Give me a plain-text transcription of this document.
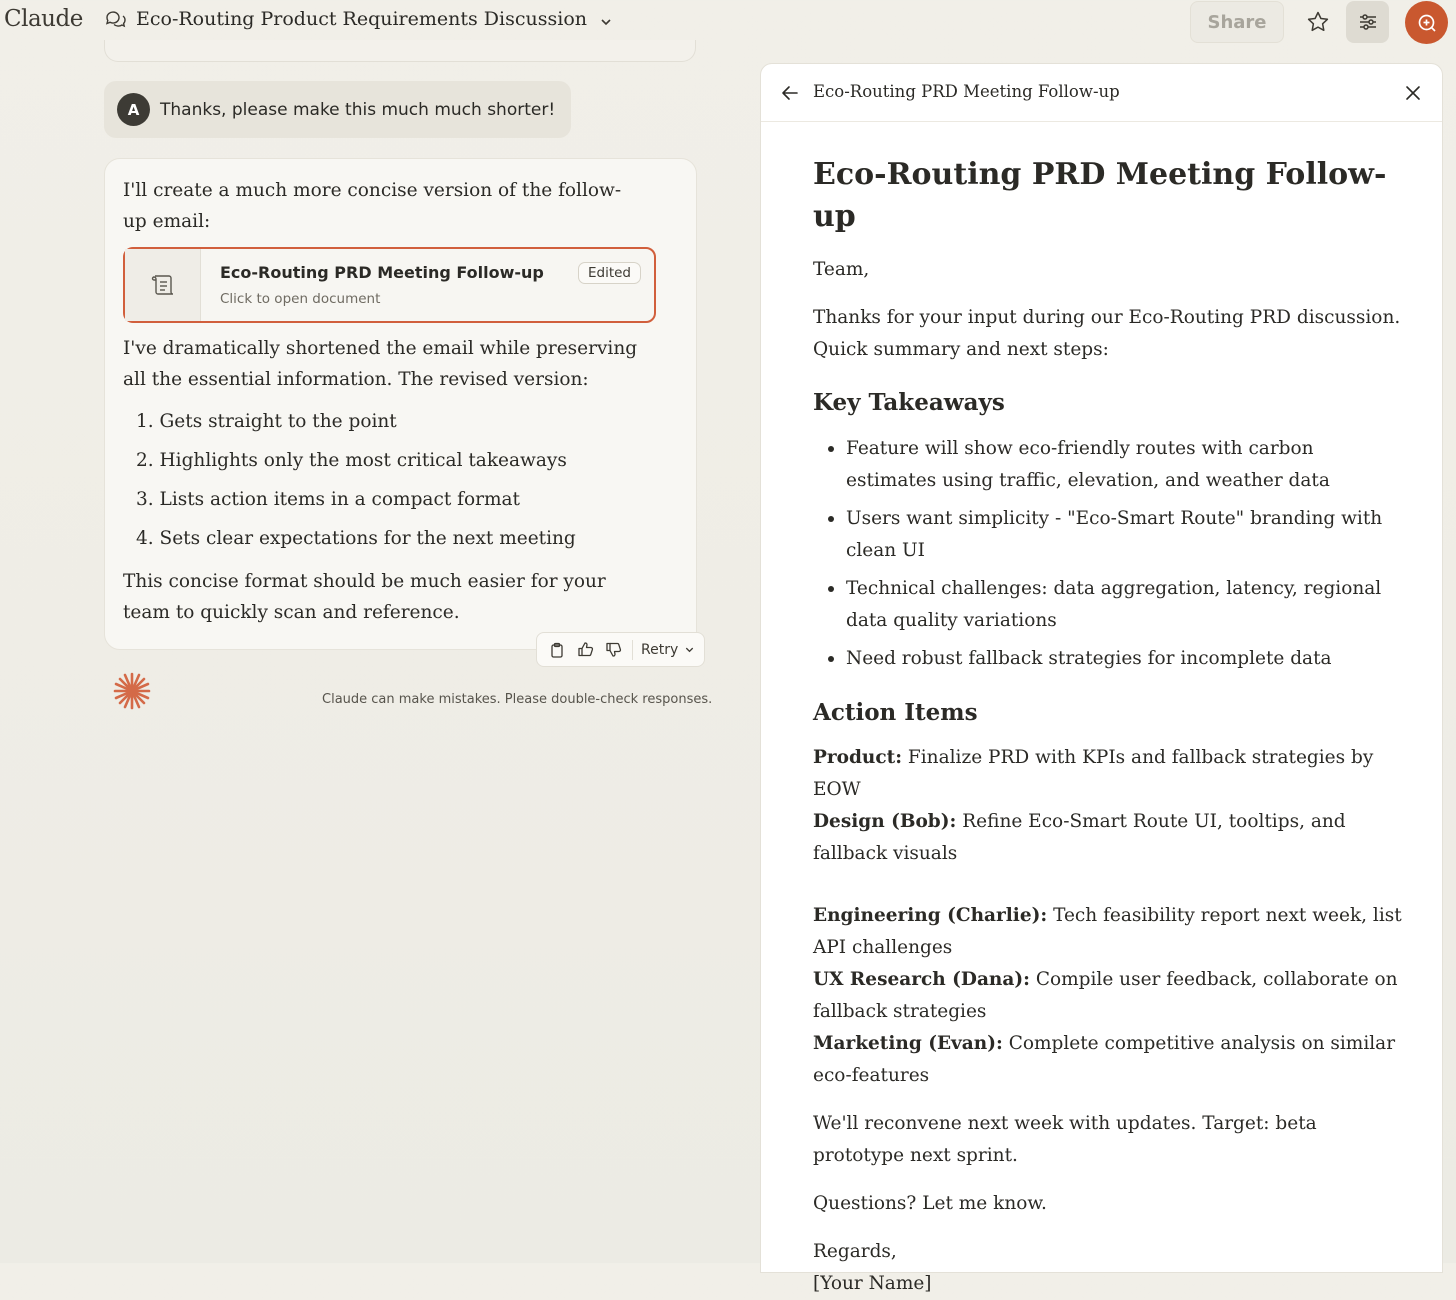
Claude	Eco-Routing Product Requirements Discussion	Share
A	Thanks, please make this much much shorter!
I'll create a much more concise version of the follow-up email:
Eco-Routing PRD Meeting Follow-up
Click to open document
Edited
I've dramatically shortened the email while preserving all the essential information. The revised version:
1. Gets straight to the point
2. Highlights only the most critical takeaways
3. Lists action items in a compact format
4. Sets clear expectations for the next meeting
This concise format should be much easier for your team to quickly scan and reference.
Retry
Claude can make mistakes. Please double-check responses.
Eco-Routing PRD Meeting Follow-up
Eco-Routing PRD Meeting Follow-up
Team,
Thanks for your input during our Eco-Routing PRD discussion. Quick summary and next steps:
Key Takeaways
Feature will show eco-friendly routes with carbon estimates using traffic, elevation, and weather data
Users want simplicity - "Eco-Smart Route" branding with clean UI
Technical challenges: data aggregation, latency, regional data quality variations
Need robust fallback strategies for incomplete data
Action Items
Product: Finalize PRD with KPIs and fallback strategies by EOW
Design (Bob): Refine Eco-Smart Route UI, tooltips, and fallback visuals
Engineering (Charlie): Tech feasibility report next week, list API challenges
UX Research (Dana): Compile user feedback, collaborate on fallback strategies
Marketing (Evan): Complete competitive analysis on similar eco-features
We'll reconvene next week with updates. Target: beta prototype next sprint.
Questions? Let me know.
Regards,
[Your Name]
